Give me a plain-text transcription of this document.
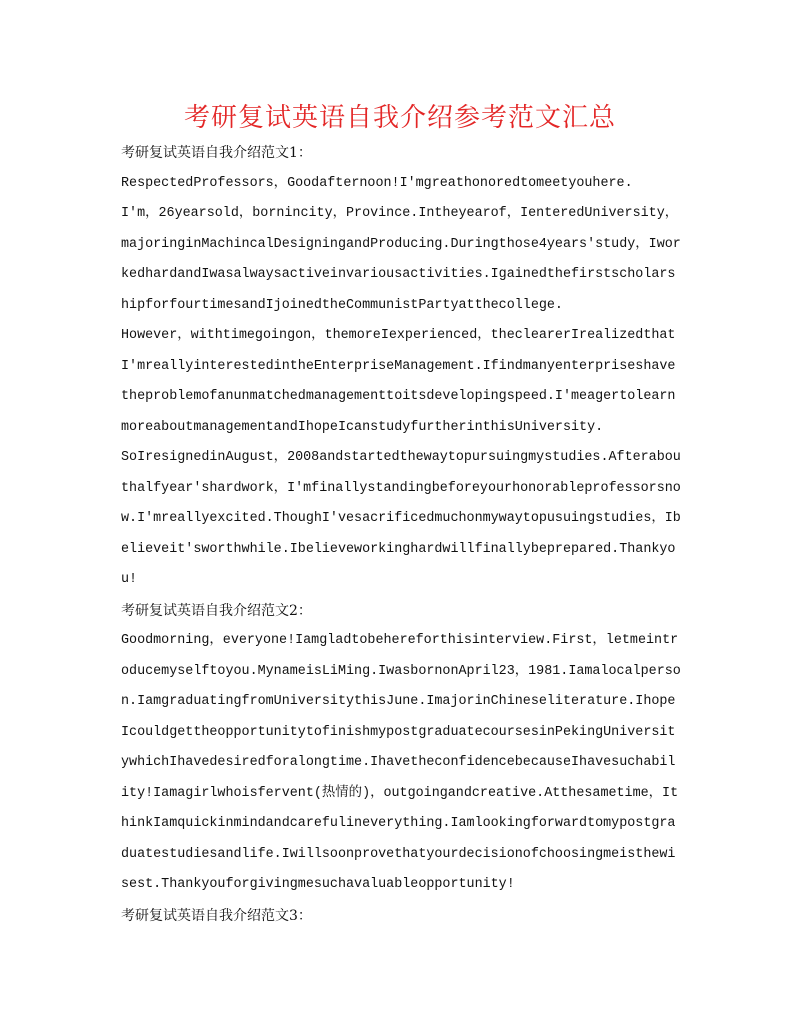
考研复试英语自我介绍参考范文汇总

考研复试英语自我介绍范文1：

RespectedProfessors，Goodafternoon!I'mgreathonoredtomeetyouhere.

I'm，26yearsold，bornincity，Province.Intheyearof，IenteredUniversity，majoringinMachincalDesigningandProducing.Duringthose4years'study，IworkedhardandIwasalwaysactiveinvariousactivities.IgainedthefirstscholarshipforfourtimesandIjoinedtheCommunistPartyatthecollege.

However，withtimegoingon，themoreIexperienced，theclearerIrealizedthatI'mreallyinterestedintheEnterpriseManagement.Ifindmanyenterpriseshavetheproblemofanunmatchedmanagementtoitsdevelopingspeed.I'meagertolearnmoreaboutmanagementandIhopeIcanstudyfurtherinthisUniversity.

SoIresignedinAugust，2008andstartedthewaytopursuingmystudies.Afterabouthalfyear'shardwork，I'mfinallystandingbeforeyourhonorableprofessorsnow.I'mreallyexcited.ThoughI'vesacrificedmuchonmywaytopusuingstudies，Ibelieveit'sworthwhile.Ibelieveworkinghardwillfinallybeprepared.Thankyou!

考研复试英语自我介绍范文2：

Goodmorning，everyone!Iamgladtobehereforthisinterview.First，letmeintroducemyselftoyou.MynameisLiMing.IwasbornonApril23，1981.Iamalocalperson.IamgraduatingfromUniversitythisJune.ImajorinChineseliterature.IhopeIcouldgettheopportunitytofinishmypostgraduatecoursesinPekingUniversitywhichIhavedesiredforalongtime.IhavetheconfidencebecauseIhavesuchability!Iamagirlwhoisfervent(热情的)，outgoingandcreative.Atthesametime，IthinkIamquickinmindandcarefulineverything.Iamlookingforwardtomypostgraduatestudiesandlife.Iwillsoonprovethatyourdecisionofchoosingmeisthewisest.Thankyouforgivingmesuchavaluableopportunity!

考研复试英语自我介绍范文3：
